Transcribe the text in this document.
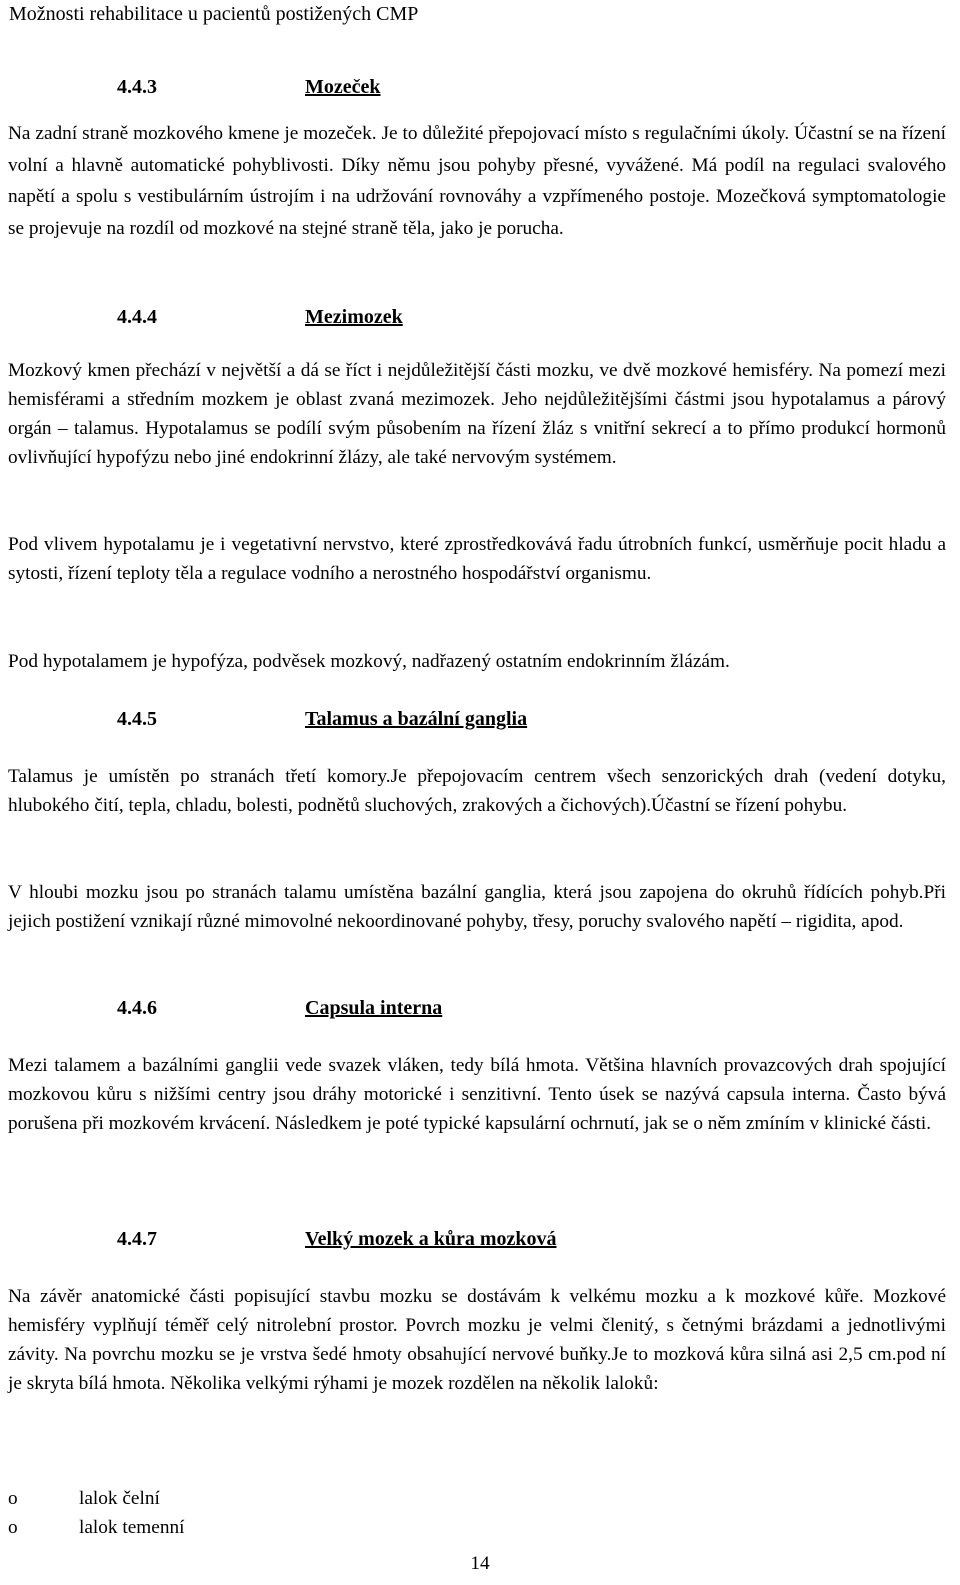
Možnosti rehabilitace u pacientů postižených CMP
4.4.3	Mozeček

Na zadní straně mozkového kmene je mozeček. Je to důležité přepojovací místo s regulačními úkoly. Účastní se na řízení volní a hlavně automatické pohyblivosti. Díky němu jsou pohyby přesné, vyvážené. Má podíl na regulaci svalového napětí a spolu s vestibulárním ústrojím i na udržování rovnováhy a vzpřímeného postoje. Mozečková symptomatologie se projevuje na rozdíl od mozkové na stejné straně těla, jako je porucha.

4.4.4	Mezimozek

Mozkový kmen přechází v největší a dá se říct i nejdůležitější části mozku, ve dvě mozkové hemisféry. Na pomezí mezi hemisférami a středním mozkem je oblast zvaná mezimozek. Jeho nejdůležitějšími částmi jsou hypotalamus a párový orgán – talamus. Hypotalamus se podílí svým působením na řízení žláz s vnitřní sekrecí a to přímo produkcí hormonů ovlivňující hypofýzu nebo jiné endokrinní žlázy, ale také nervovým systémem.

Pod vlivem hypotalamu je i vegetativní nervstvo, které zprostředkovává řadu útrobních funkcí, usměrňuje pocit hladu a sytosti, řízení teploty těla a regulace vodního a nerostného hospodářství organismu.

Pod hypotalamem je hypofýza, podvěsek mozkový, nadřazený ostatním endokrinním žlázám.

4.4.5	Talamus a bazální ganglia

Talamus je umístěn po stranách třetí komory.Je přepojovacím centrem všech senzorických drah (vedení dotyku, hlubokého čití, tepla, chladu, bolesti, podnětů sluchových, zrakových a čichových).Účastní se řízení pohybu.

V hloubi mozku jsou po stranách talamu umístěna bazální ganglia, která jsou zapojena do okruhů řídících pohyb.Při jejich postižení vznikají různé mimovolné nekoordinované pohyby, třesy, poruchy svalového napětí – rigidita, apod.

4.4.6	Capsula interna

Mezi talamem a bazálními ganglii vede svazek vláken, tedy bílá hmota. Většina hlavních provazcových drah spojující mozkovou kůru s nižšími centry jsou dráhy motorické i senzitivní. Tento úsek se nazývá capsula interna. Často bývá porušena při mozkovém krvácení. Následkem je poté typické kapsulární ochrnutí, jak se o něm zmíním v klinické části.

4.4.7	Velký mozek a kůra mozková

Na závěr anatomické části popisující stavbu mozku se dostávám k velkému mozku a k mozkové kůře. Mozkové hemisféry vyplňují téměř celý nitrolební prostor. Povrch mozku je velmi členitý, s četnými brázdami a jednotlivými závity. Na povrchu mozku se je vrstva šedé hmoty obsahující nervové buňky.Je to mozková kůra silná asi 2,5 cm.pod ní je skryta bílá hmota. Několika velkými rýhami je mozek rozdělen na několik laloků:

o	lalok čelní
o	lalok temenní
14
